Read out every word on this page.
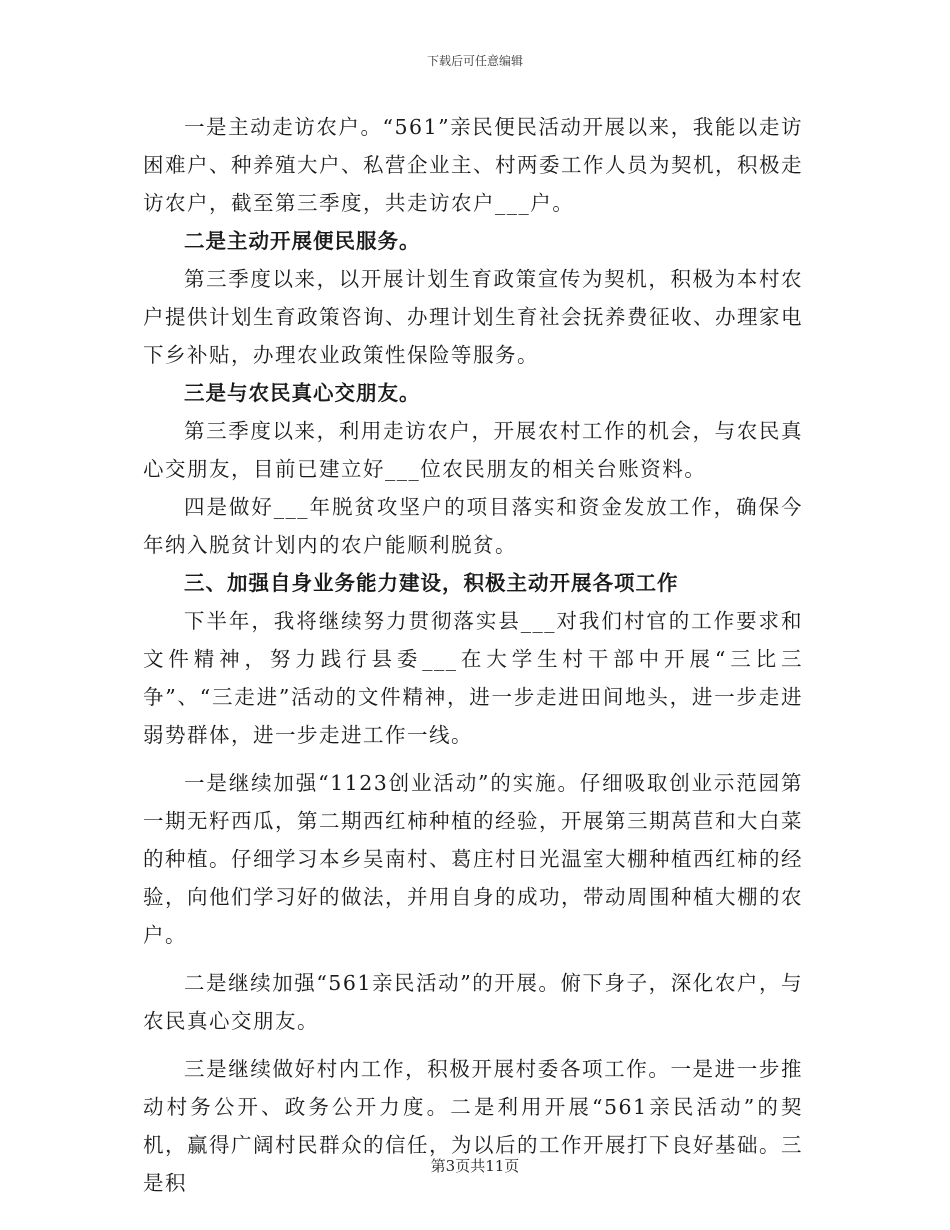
下载后可任意编辑

一是主动走访农户。“561”亲民便民活动开展以来，我能以走访困难户、种养殖大户、私营企业主、村两委工作人员为契机，积极走访农户，截至第三季度，共走访农户___户。

二是主动开展便民服务。

第三季度以来，以开展计划生育政策宣传为契机，积极为本村农户提供计划生育政策咨询、办理计划生育社会抚养费征收、办理家电下乡补贴，办理农业政策性保险等服务。

三是与农民真心交朋友。

第三季度以来，利用走访农户，开展农村工作的机会，与农民真心交朋友，目前已建立好___位农民朋友的相关台账资料。

四是做好___年脱贫攻坚户的项目落实和资金发放工作，确保今年纳入脱贫计划内的农户能顺利脱贫。

三、加强自身业务能力建设，积极主动开展各项工作

下半年，我将继续努力贯彻落实县___对我们村官的工作要求和文件精神，努力践行县委___在大学生村干部中开展“三比三争”、“三走进”活动的文件精神，进一步走进田间地头，进一步走进弱势群体，进一步走进工作一线。

一是继续加强“1123创业活动”的实施。仔细吸取创业示范园第一期无籽西瓜，第二期西红柿种植的经验，开展第三期莴苣和大白菜的种植。仔细学习本乡吴南村、葛庄村日光温室大棚种植西红柿的经验，向他们学习好的做法，并用自身的成功，带动周围种植大棚的农户。

二是继续加强“561亲民活动”的开展。俯下身子，深化农户，与农民真心交朋友。

三是继续做好村内工作，积极开展村委各项工作。一是进一步推动村务公开、政务公开力度。二是利用开展“561亲民活动”的契机，赢得广阔村民群众的信任，为以后的工作开展打下良好基础。三是积

第3页共11页
